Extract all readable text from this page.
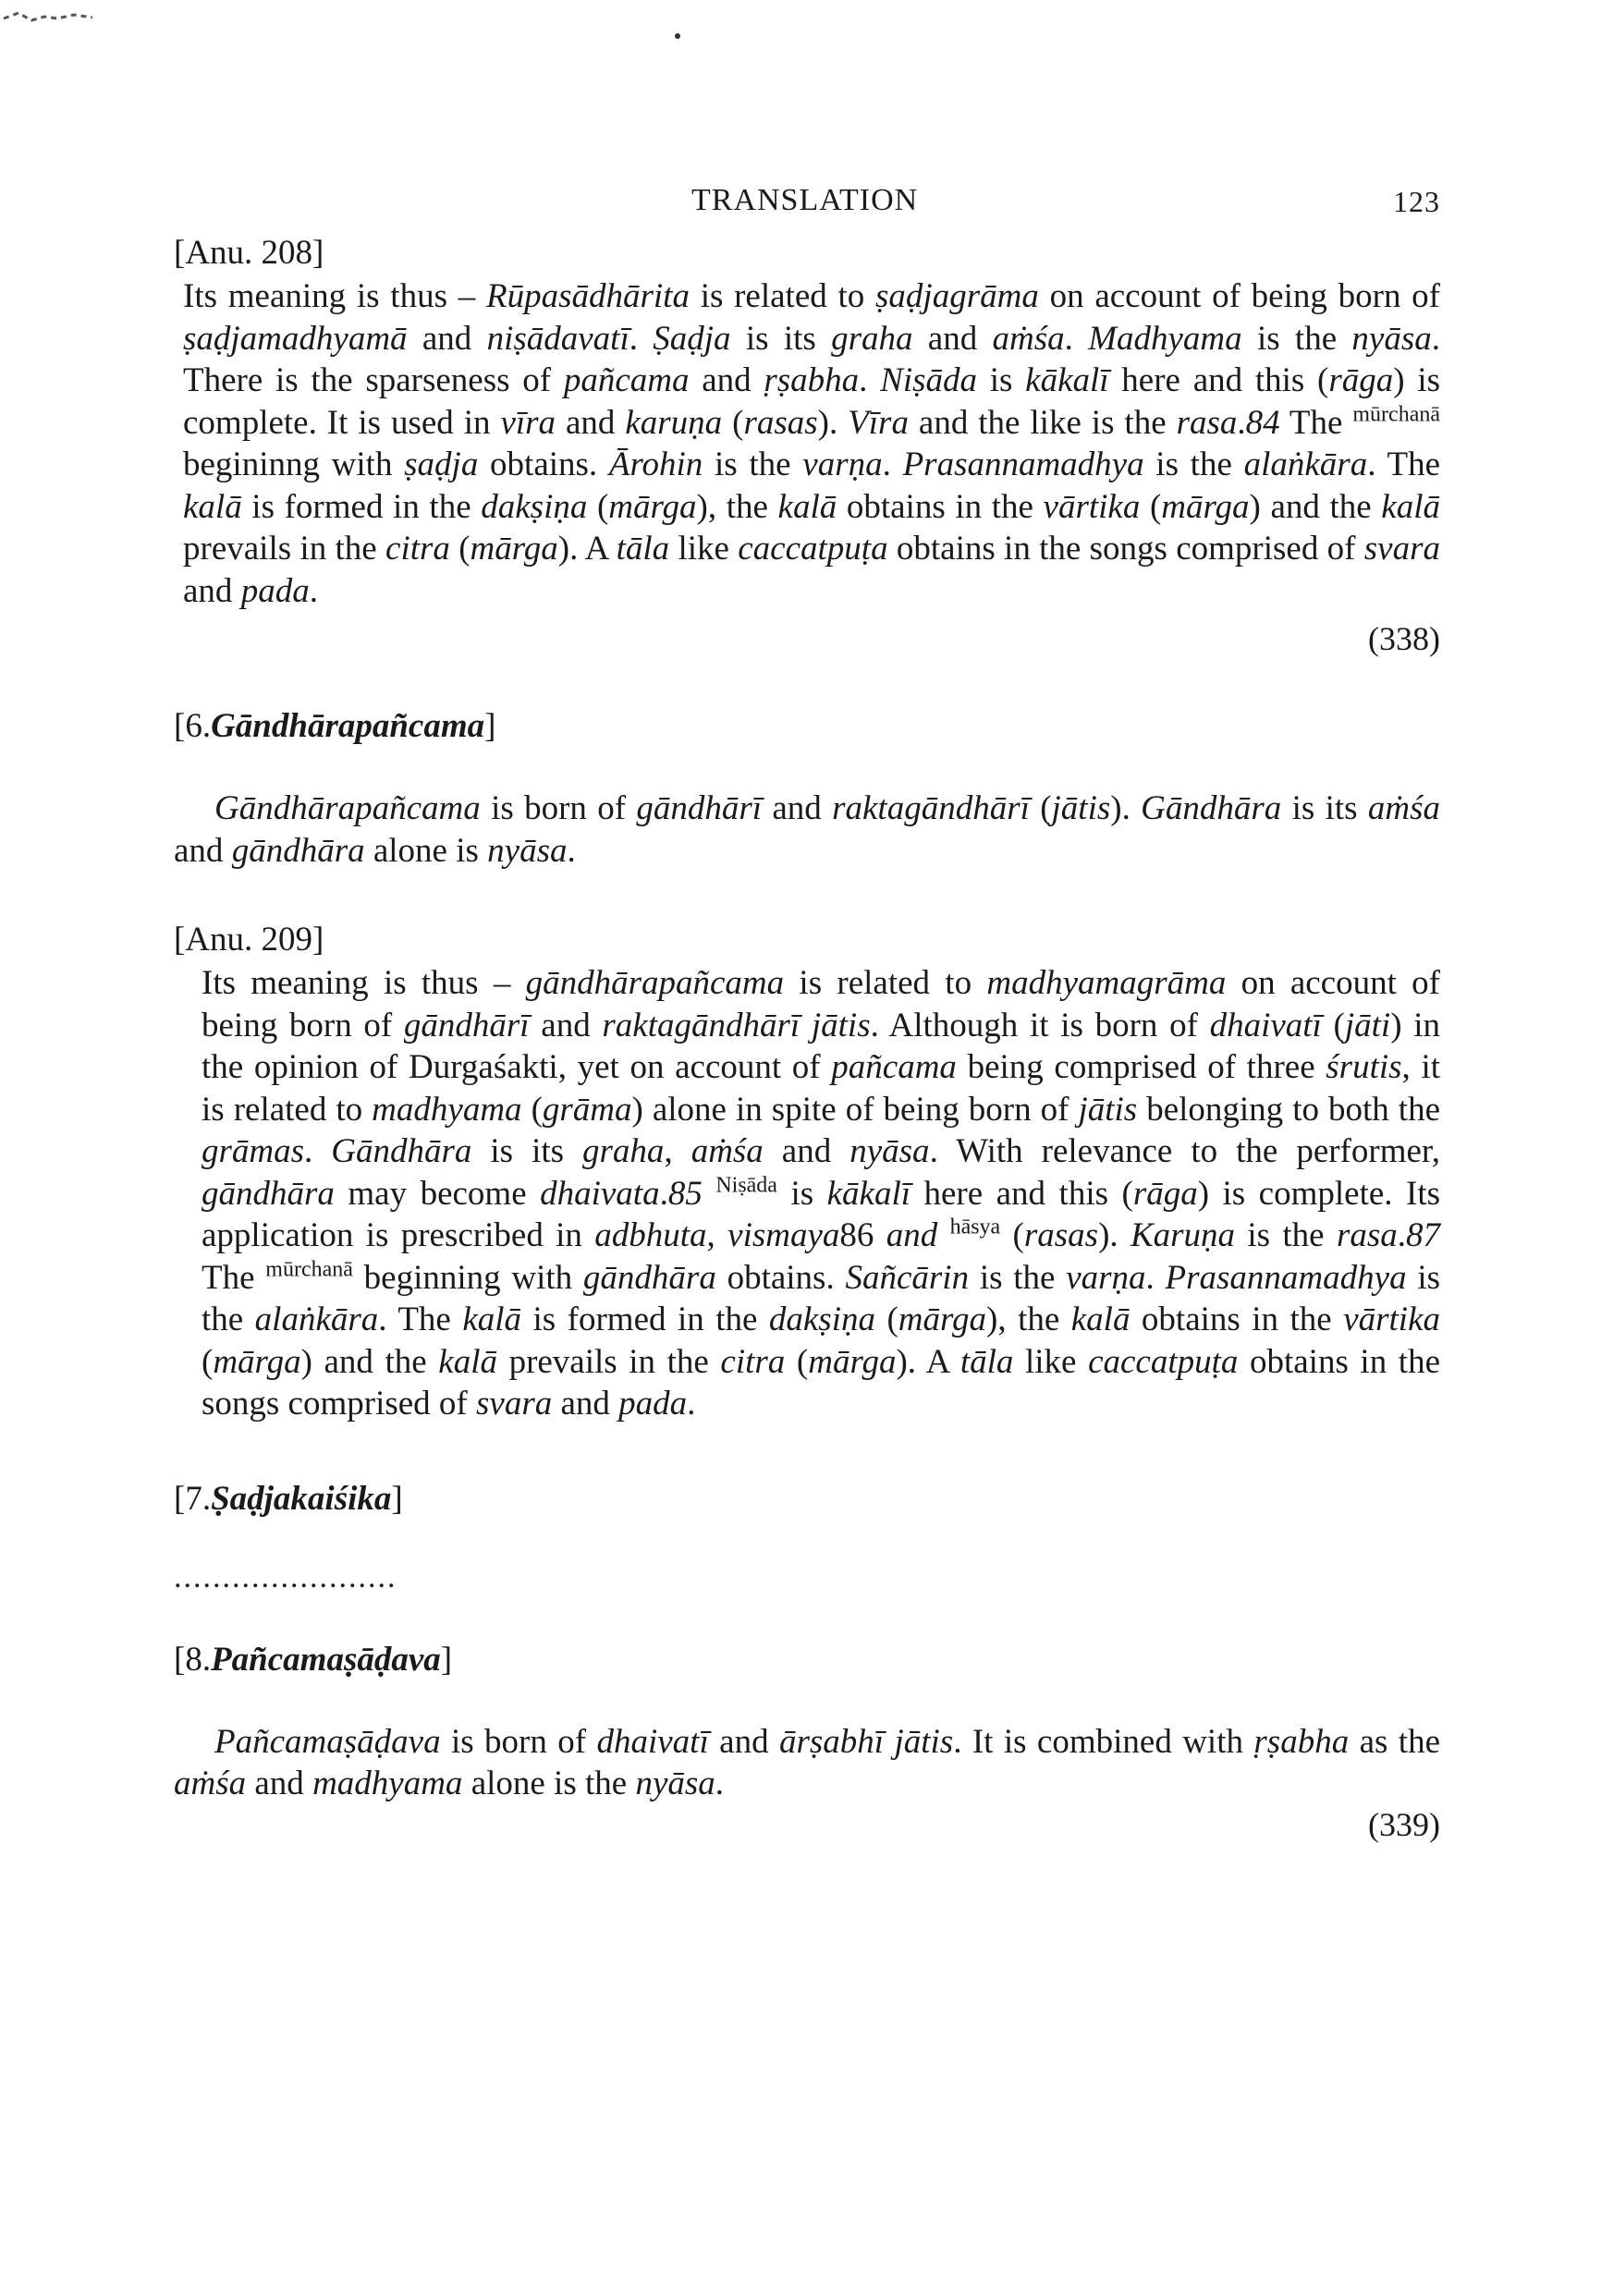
TRANSLATION	123

[Anu. 208]

Its meaning is thus – Rūpasādhārita is related to ṣaḍjagrāma on account of being born of ṣaḍjamadhyamā and niṣādavatī. Ṣaḍja is its graha and aṁśa. Madhyama is the nyāsa. There is the sparseness of pañcama and ṛṣabha. Niṣāda is kākalī here and this (rāga) is complete. It is used in vīra and karuṇa (rasas). Vīra and the like is the rasa.84 The $^{mūrchanā}$ begininng with ṣaḍja obtains. Ārohin is the varṇa. Prasannamadhya is the alaṅkāra. The kalā is formed in the dakṣiṇa (mārga), the kalā obtains in the vārtika (mārga) and the kalā prevails in the citra (mārga). A tāla like caccatpuṭa obtains in the songs comprised of svara and pada.

(338)

[6.Gāndhārapañcama]

Gāndhārapañcama is born of gāndhārī and raktagāndhārī (jātis). Gāndhāra is its aṁśa and gāndhāra alone is nyāsa.

[Anu. 209]

Its meaning is thus – gāndhārapañcama is related to madhyamagrāma on account of being born of gāndhārī and raktagāndhārī jātis. Although it is born of dhaivatī (jāti) in the opinion of Durgaśakti, yet on account of pañcama being comprised of three śrutis, it is related to madhyama (grāma) alone in spite of being born of jātis belonging to both the grāmas. Gāndhāra is its graha, aṁśa and nyāsa. With relevance to the performer, gāndhāra may become dhaivata.85 $^{Niṣāda}$ is kākalī here and this (rāga) is complete. Its application is prescribed in adbhuta, vismaya86 and $^{hāsya}$ (rasas). Karuṇa is the rasa.87 The $^{mūrchanā}$ beginning with gāndhāra obtains. Sañcārin is the varṇa. Prasannamadhya is the alaṅkāra. The kalā is formed in the dakṣiṇa (mārga), the kalā obtains in the vārtika (mārga) and the kalā prevails in the citra (mārga). A tāla like caccatpuṭa obtains in the songs comprised of svara and pada.

[7.Ṣaḍjakaiśika]

.......................

[8.Pañcamaṣāḍava]

Pañcamaṣāḍava is born of dhaivatī and ārṣabhī jātis. It is combined with ṛṣabha as the aṁśa and madhyama alone is the nyāsa.

(339)
